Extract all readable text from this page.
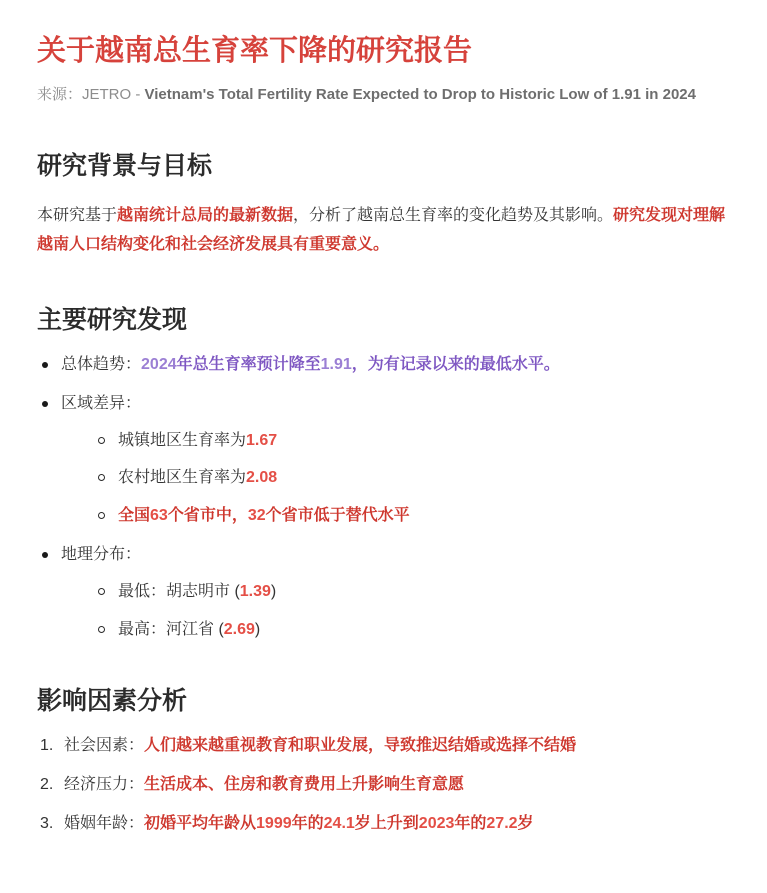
关于越南总生育率下降的研究报告

来源：JETRO - Vietnam's Total Fertility Rate Expected to Drop to Historic Low of 1.91 in 2024

研究背景与目标

本研究基于越南统计总局的最新数据，分析了越南总生育率的变化趋势及其影响。研究发现对理解越南人口结构变化和社会经济发展具有重要意义。

主要研究发现
总体趋势：2024年总生育率预计降至1.91，为有记录以来的最低水平。
区域差异：
城镇地区生育率为1.67
农村地区生育率为2.08
全国63个省市中，32个省市低于替代水平
地理分布：
最低：胡志明市 (1.39)
最高：河江省 (2.69)
影响因素分析
1. 社会因素：人们越来越重视教育和职业发展，导致推迟结婚或选择不结婚
2. 经济压力：生活成本、住房和教育费用上升影响生育意愿
3. 婚姻年龄：初婚平均年龄从1999年的24.1岁上升到2023年的27.2岁
